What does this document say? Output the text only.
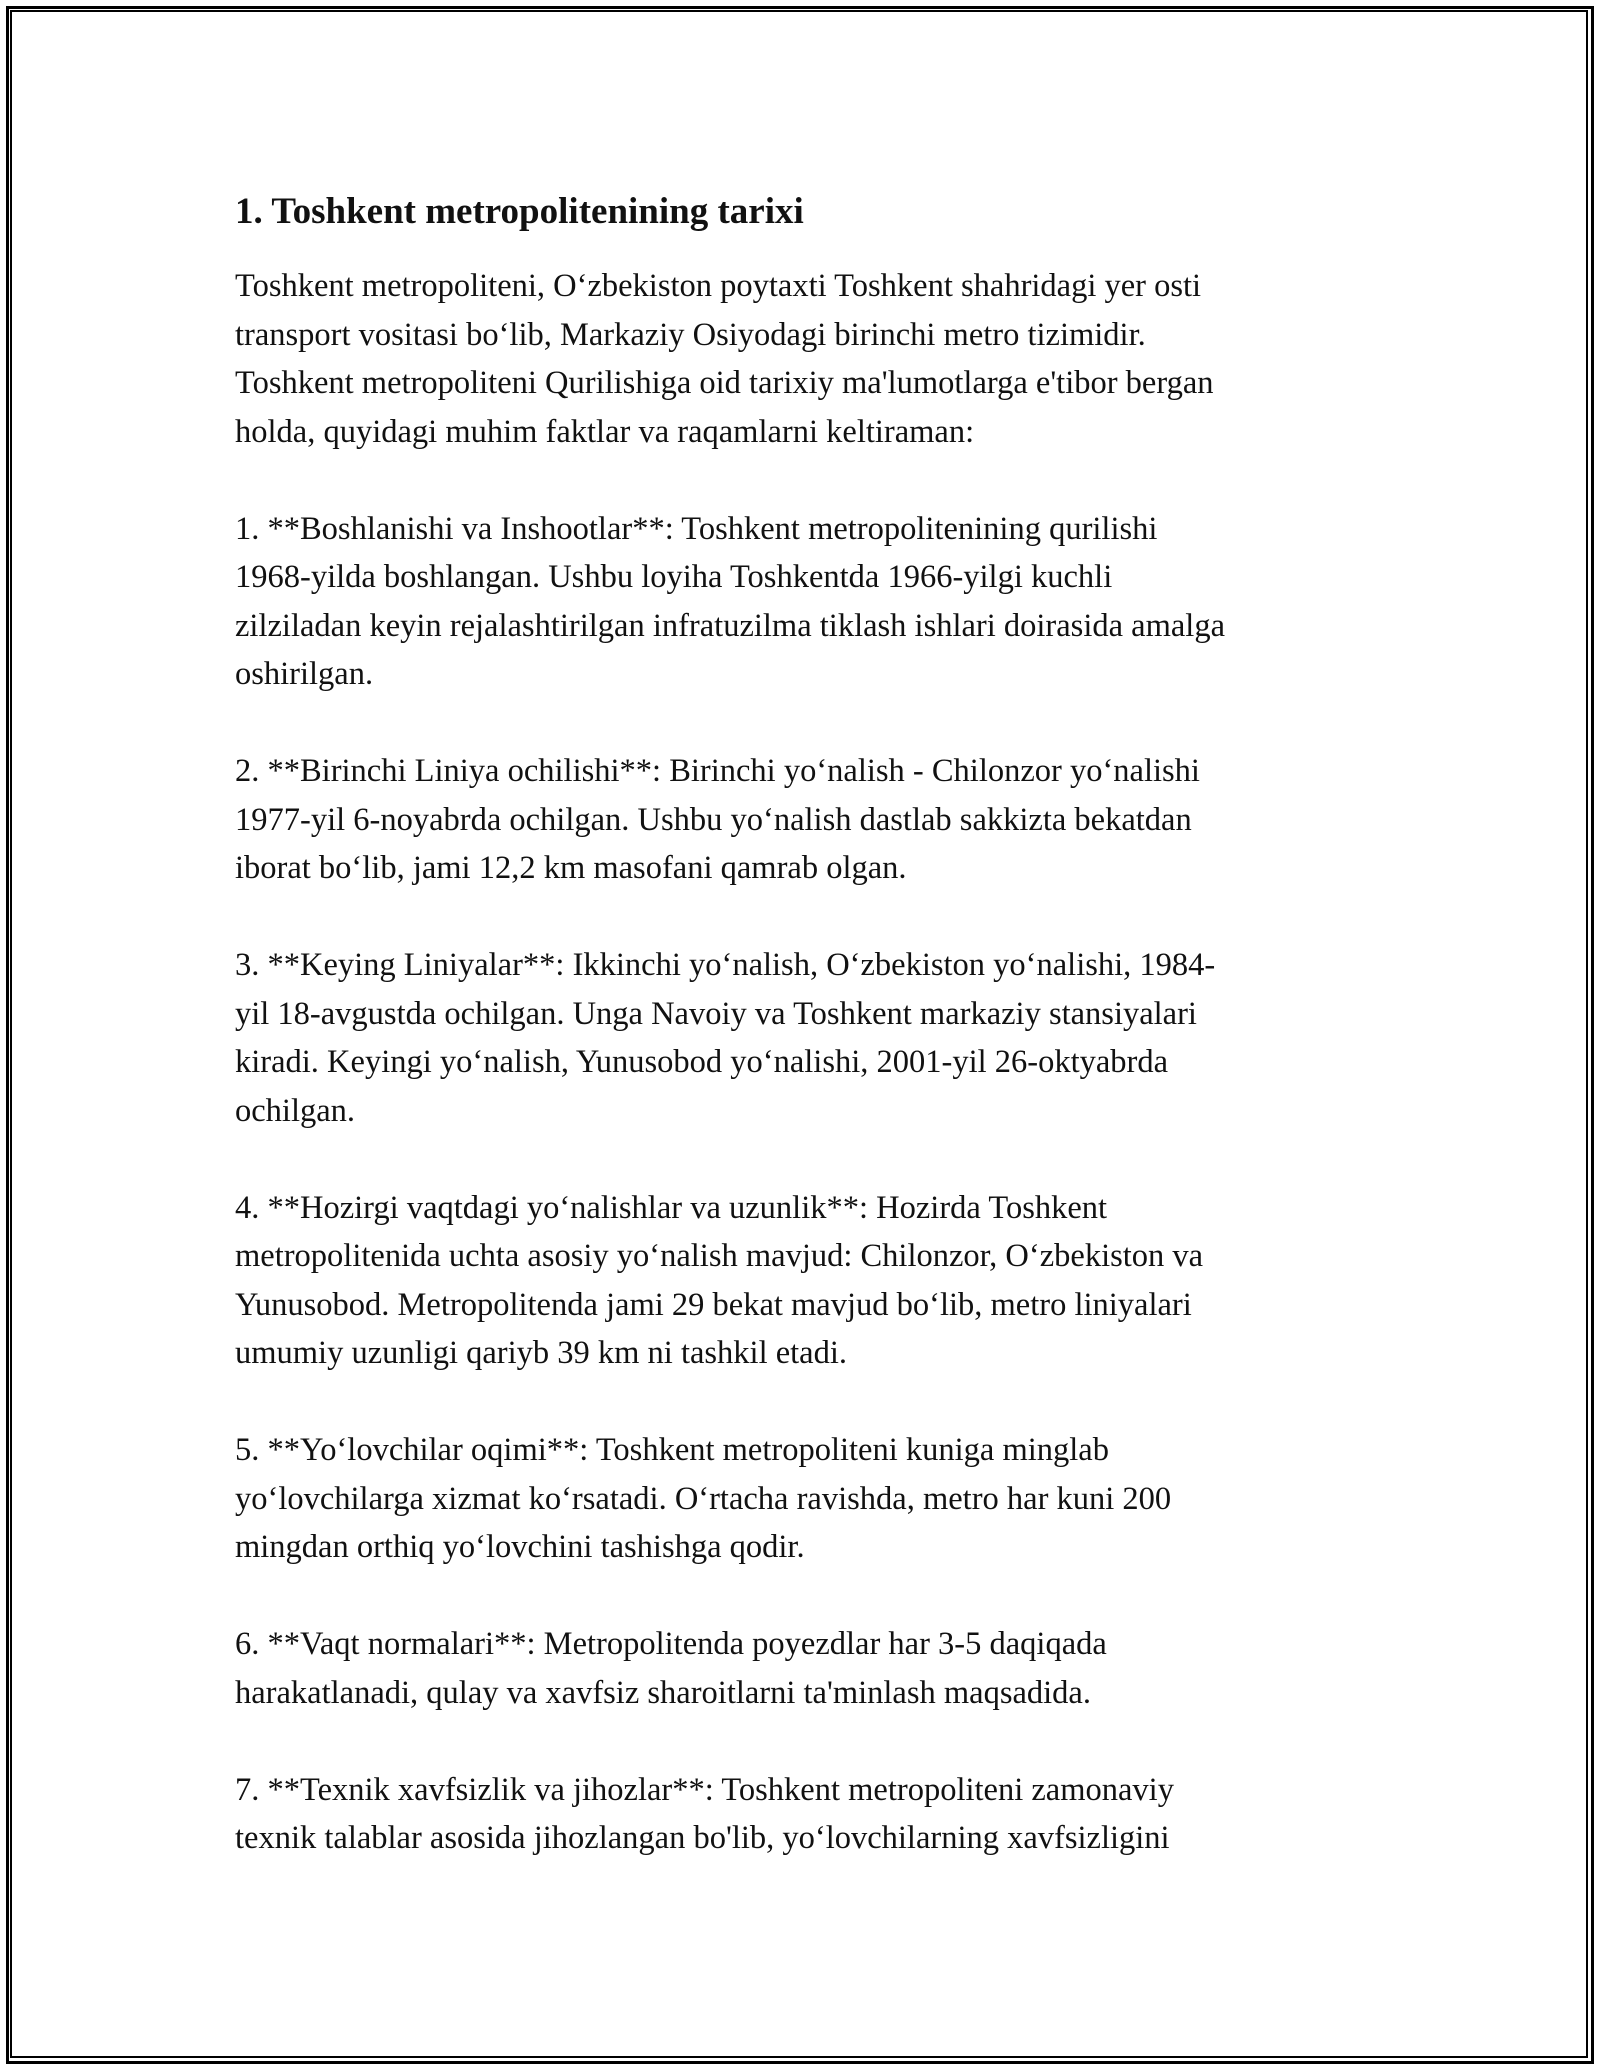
1. Toshkent metropolitenining tarixi
Toshkent metropoliteni, O‘zbekiston poytaxti Toshkent shahridagi yer osti
transport vositasi bo‘lib, Markaziy Osiyodagi birinchi metro tizimidir.
Toshkent metropoliteni Qurilishiga oid tarixiy ma'lumotlarga e'tibor bergan
holda, quyidagi muhim faktlar va raqamlarni keltiraman:
1. **Boshlanishi va Inshootlar**: Toshkent metropolitenining qurilishi
1968-yilda boshlangan. Ushbu loyiha Toshkentda 1966-yilgi kuchli
zilziladan keyin rejalashtirilgan infratuzilma tiklash ishlari doirasida amalga
oshirilgan.
2. **Birinchi Liniya ochilishi**: Birinchi yo‘nalish - Chilonzor yo‘nalishi
1977-yil 6-noyabrda ochilgan. Ushbu yo‘nalish dastlab sakkizta bekatdan
iborat bo‘lib, jami 12,2 km masofani qamrab olgan.
3. **Keying Liniyalar**: Ikkinchi yo‘nalish, O‘zbekiston yo‘nalishi, 1984-
yil 18-avgustda ochilgan. Unga Navoiy va Toshkent markaziy stansiyalari
kiradi. Keyingi yo‘nalish, Yunusobod yo‘nalishi, 2001-yil 26-oktyabrda
ochilgan.
4. **Hozirgi vaqtdagi yo‘nalishlar va uzunlik**: Hozirda Toshkent
metropolitenida uchta asosiy yo‘nalish mavjud: Chilonzor, O‘zbekiston va
Yunusobod. Metropolitenda jami 29 bekat mavjud bo‘lib, metro liniyalari
umumiy uzunligi qariyb 39 km ni tashkil etadi.
5. **Yo‘lovchilar oqimi**: Toshkent metropoliteni kuniga minglab
yo‘lovchilarga xizmat ko‘rsatadi. O‘rtacha ravishda, metro har kuni 200
mingdan orthiq yo‘lovchini tashishga qodir.
6. **Vaqt normalari**: Metropolitenda poyezdlar har 3-5 daqiqada
harakatlanadi, qulay va xavfsiz sharoitlarni ta'minlash maqsadida.
7. **Texnik xavfsizlik va jihozlar**: Toshkent metropoliteni zamonaviy
texnik talablar asosida jihozlangan bo'lib, yo‘lovchilarning xavfsizligini
